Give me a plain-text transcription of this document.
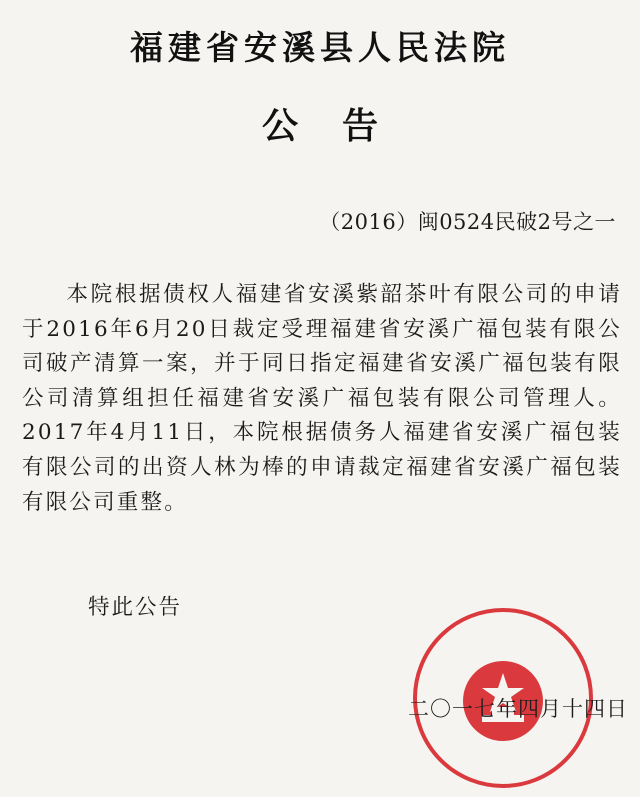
福建省安溪县人民法院
公告
（2016）闽0524民破2号之一

本院根据债权人福建省安溪紫韶茶叶有限公司的申请于2016年6月20日裁定受理福建省安溪广福包装有限公司破产清算一案，并于同日指定福建省安溪广福包装有限公司清算组担任福建省安溪广福包装有限公司管理人。2017年4月11日，本院根据债务人福建省安溪广福包装有限公司的出资人林为棒的申请裁定福建省安溪广福包装有限公司重整。

特此公告
二〇一七年四月十四日
